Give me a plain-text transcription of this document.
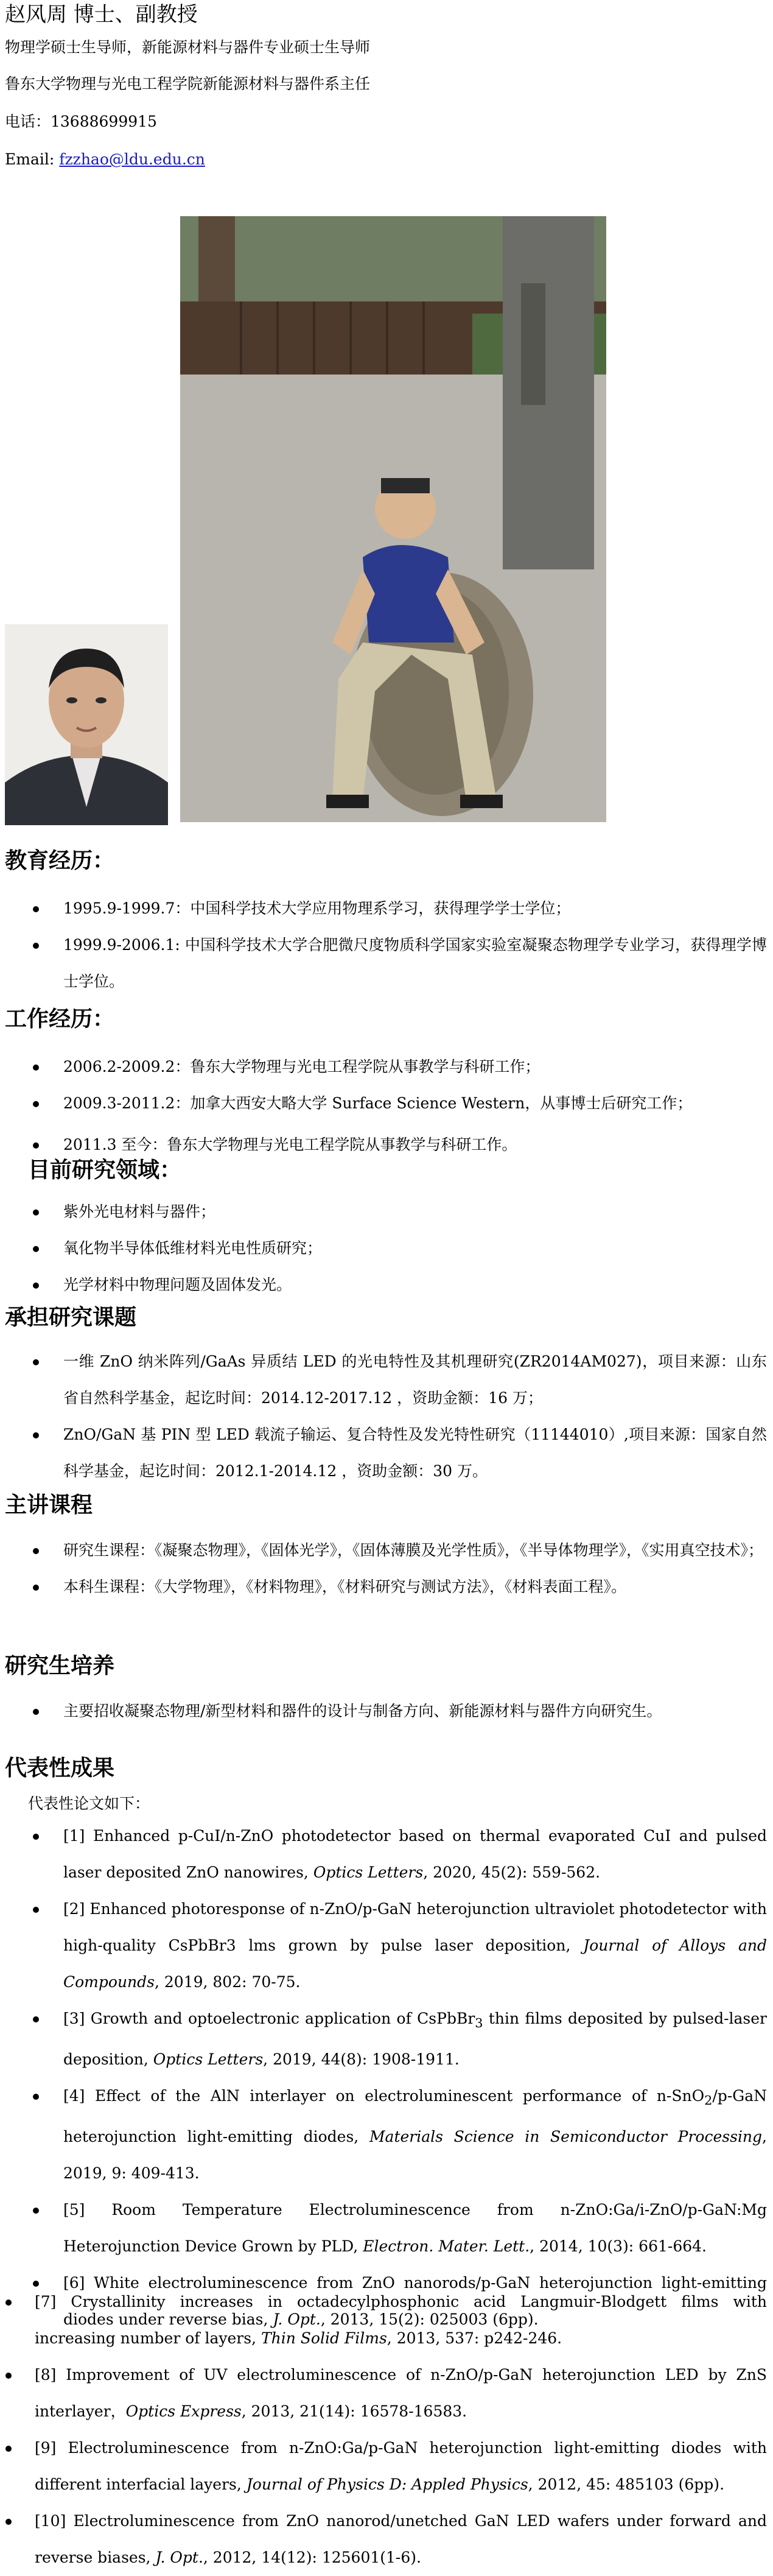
赵风周 博士、副教授
物理学硕士生导师，新能源材料与器件专业硕士生导师
鲁东大学物理与光电工程学院新能源材料与器件系主任
电话：13688699915
Email: fzzhao@ldu.edu.cn
教育经历：
1995.9-1999.7：中国科学技术大学应用物理系学习，获得理学学士学位；
1999.9-2006.1: 中国科学技术大学合肥微尺度物质科学国家实验室凝聚态物理学专业学习，获得理学博士学位。
工作经历：
2006.2-2009.2：鲁东大学物理与光电工程学院从事教学与科研工作；
2009.3-2011.2：加拿大西安大略大学 Surface Science Western，从事博士后研究工作；
2011.3 至今：鲁东大学物理与光电工程学院从事教学与科研工作。
目前研究领域：
紫外光电材料与器件；
氧化物半导体低维材料光电性质研究；
光学材料中物理问题及固体发光。
承担研究课题
一维 ZnO 纳米阵列/GaAs 异质结 LED 的光电特性及其机理研究(ZR2014AM027)，项目来源：山东省自然科学基金，起讫时间：2014.12-2017.12 ，资助金额：16 万；
ZnO/GaN 基 PIN 型 LED 载流子输运、复合特性及发光特性研究（11144010）,项目来源：国家自然科学基金，起讫时间：2012.1-2014.12 ，资助金额：30 万。
主讲课程
研究生课程：《凝聚态物理》，《固体光学》，《固体薄膜及光学性质》，《半导体物理学》，《实用真空技术》；
本科生课程：《大学物理》，《材料物理》，《材料研究与测试方法》，《材料表面工程》。
研究生培养
主要招收凝聚态物理/新型材料和器件的设计与制备方向、新能源材料与器件方向研究生。
代表性成果
代表性论文如下：
[1] Enhanced p-CuI/n-ZnO photodetector based on thermal evaporated CuI and pulsed laser deposited ZnO nanowires, Optics Letters, 2020, 45(2): 559-562.
[2] Enhanced photoresponse of n-ZnO/p-GaN heterojunction ultraviolet photodetector with high-quality CsPbBr3 lms grown by pulse laser deposition, Journal of Alloys and Compounds, 2019, 802: 70-75.
[3] Growth and optoelectronic application of CsPbBr$_3$ thin films deposited by pulsed-laser deposition, Optics Letters, 2019, 44(8): 1908-1911.
[4] Effect of the AlN interlayer on electroluminescent performance of n-SnO$_2$/p-GaN heterojunction light-emitting diodes, Materials Science in Semiconductor Processing, 2019, 9: 409-413.
[5] Room Temperature Electroluminescence from n-ZnO:Ga/i-ZnO/p-GaN:Mg Heterojunction Device Grown by PLD, Electron. Mater. Lett., 2014, 10(3): 661-664.
[6] White electroluminescence from ZnO nanorods/p-GaN heterojunction light-emitting diodes under reverse bias, J. Opt., 2013, 15(2): 025003 (6pp).
[7] Crystallinity increases in octadecylphosphonic acid Langmuir-Blodgett films with increasing number of layers, Thin Solid Films, 2013, 537: p242-246.
[8] Improvement of UV electroluminescence of n-ZnO/p-GaN heterojunction LED by ZnS interlayer，Optics Express, 2013, 21(14): 16578-16583.
[9] Electroluminescence from n-ZnO:Ga/p-GaN heterojunction light-emitting diodes with different interfacial layers, Journal of Physics D: Appled Physics, 2012, 45: 485103 (6pp).
[10] Electroluminescence from ZnO nanorod/unetched GaN LED wafers under forward and reverse biases, J. Opt., 2012, 14(12): 125601(1-6).
